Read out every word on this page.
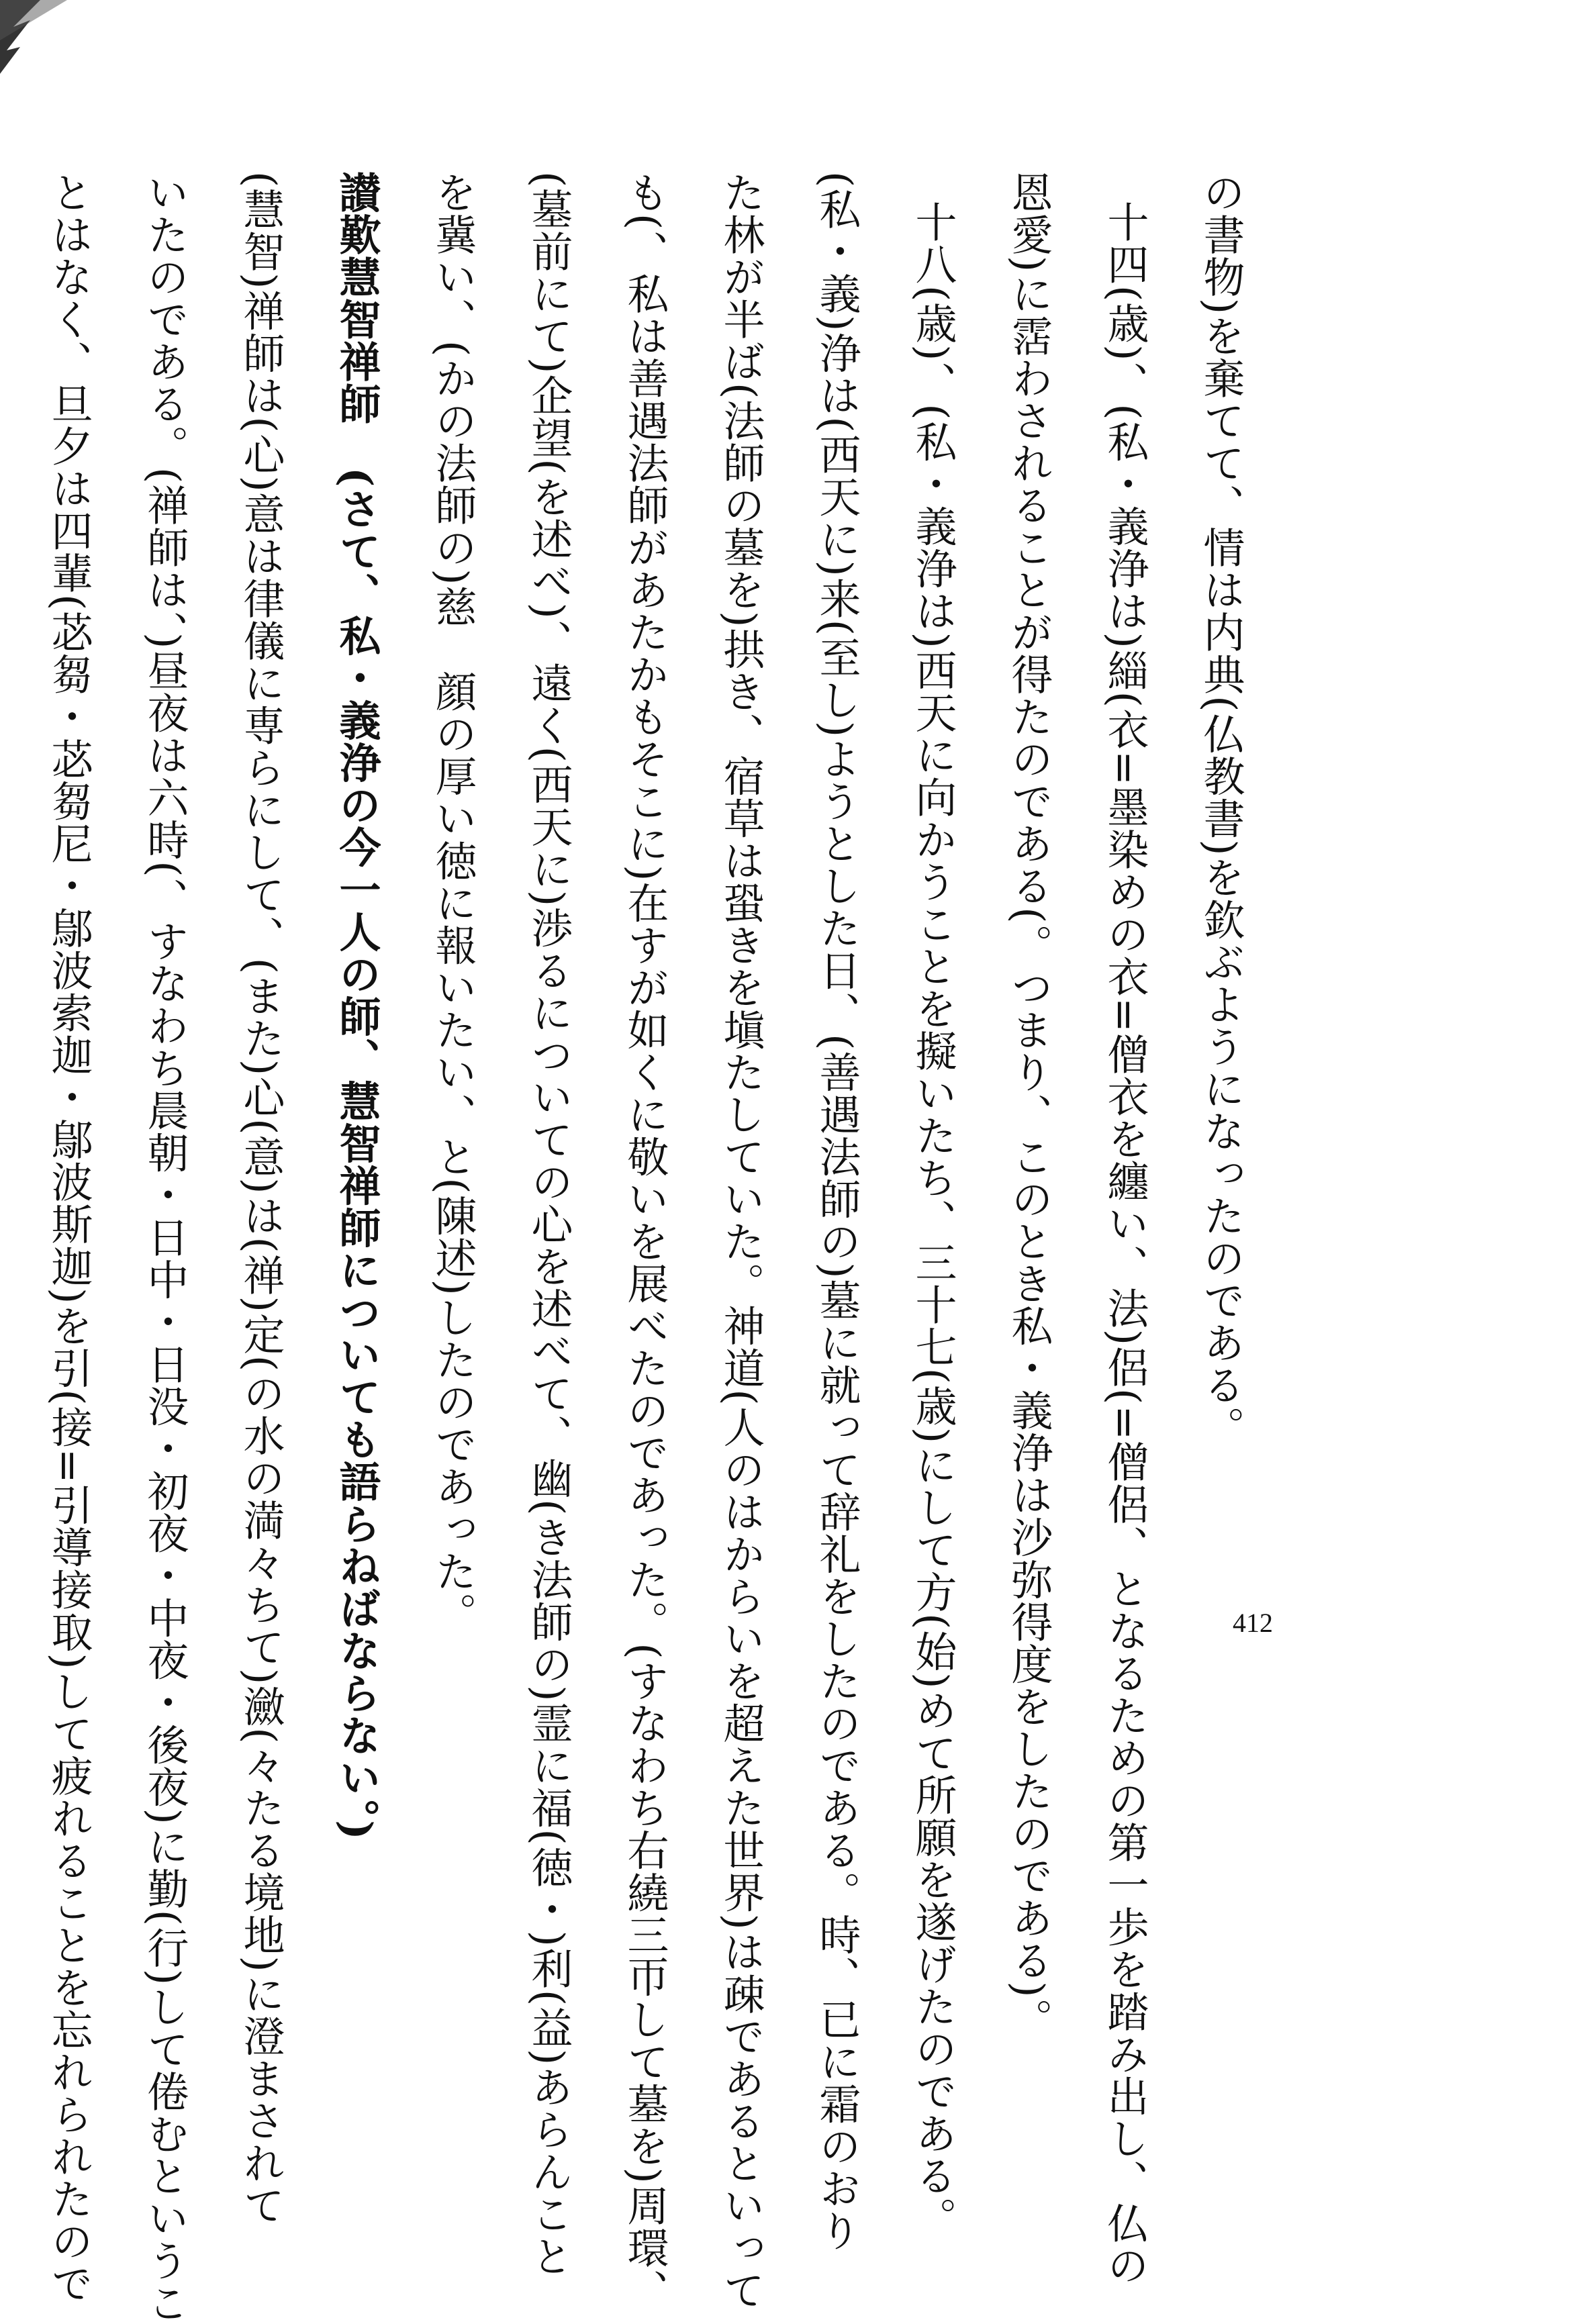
の書物)を棄てて、情は内典(仏教書)を欽ぶようになったのである。
十四(歳)、(私・義浄は)緇(衣=墨染めの衣=僧衣を纏い、法)侶(=僧侶、となるための第一歩を踏み出し、仏の
恩愛)に霑わされることが得たのである(。つまり、このとき私・義浄は沙弥得度をしたのである)。
十八(歳)、(私・義浄は)西天に向かうことを擬いたち、三十七(歳)にして方(始)めて所願を遂げたのである。
(私・義)浄は(西天に)来(至し)ようとした日、(善遇法師の)墓に就って辞礼をしたのである。時、已に霜のおり
た林が半ば(法師の墓を)拱き、宿草は蛩きを塡たしていた。神道(人のはからいを超えた世界)は疎であるといって
も(、私は善遇法師があたかもそこに)在すが如くに敬いを展べたのであった。(すなわち右繞三帀して墓を)周環、
(墓前にて)企望(を述べ)、遠く(西天に)渉るについての心を述べて、幽(き法師の)霊に福(徳・)利(益)あらんこと
を冀い、(かの法師の)慈　顔の厚い徳に報いたい、と(陳述)したのであった。
讃歎慧智禅師　(さて、私・義浄の今一人の師、慧智禅師についても語らねばならない。)
(慧智)禅師は(心)意は律儀に専らにして、(また)心(意)は(禅)定(の水の満々ちて)瀲(々たる境地)に澄まされて
いたのである。(禅師は、)昼夜は六時(、すなわち晨朝・日中・日没・初夜・中夜・後夜)に勤(行)して倦むというこ
とはなく、旦夕は四輩(苾芻・苾芻尼・鄔波索迦・鄔波斯迦)を引(接=引導接取)して疲れることを忘れられたので	412
